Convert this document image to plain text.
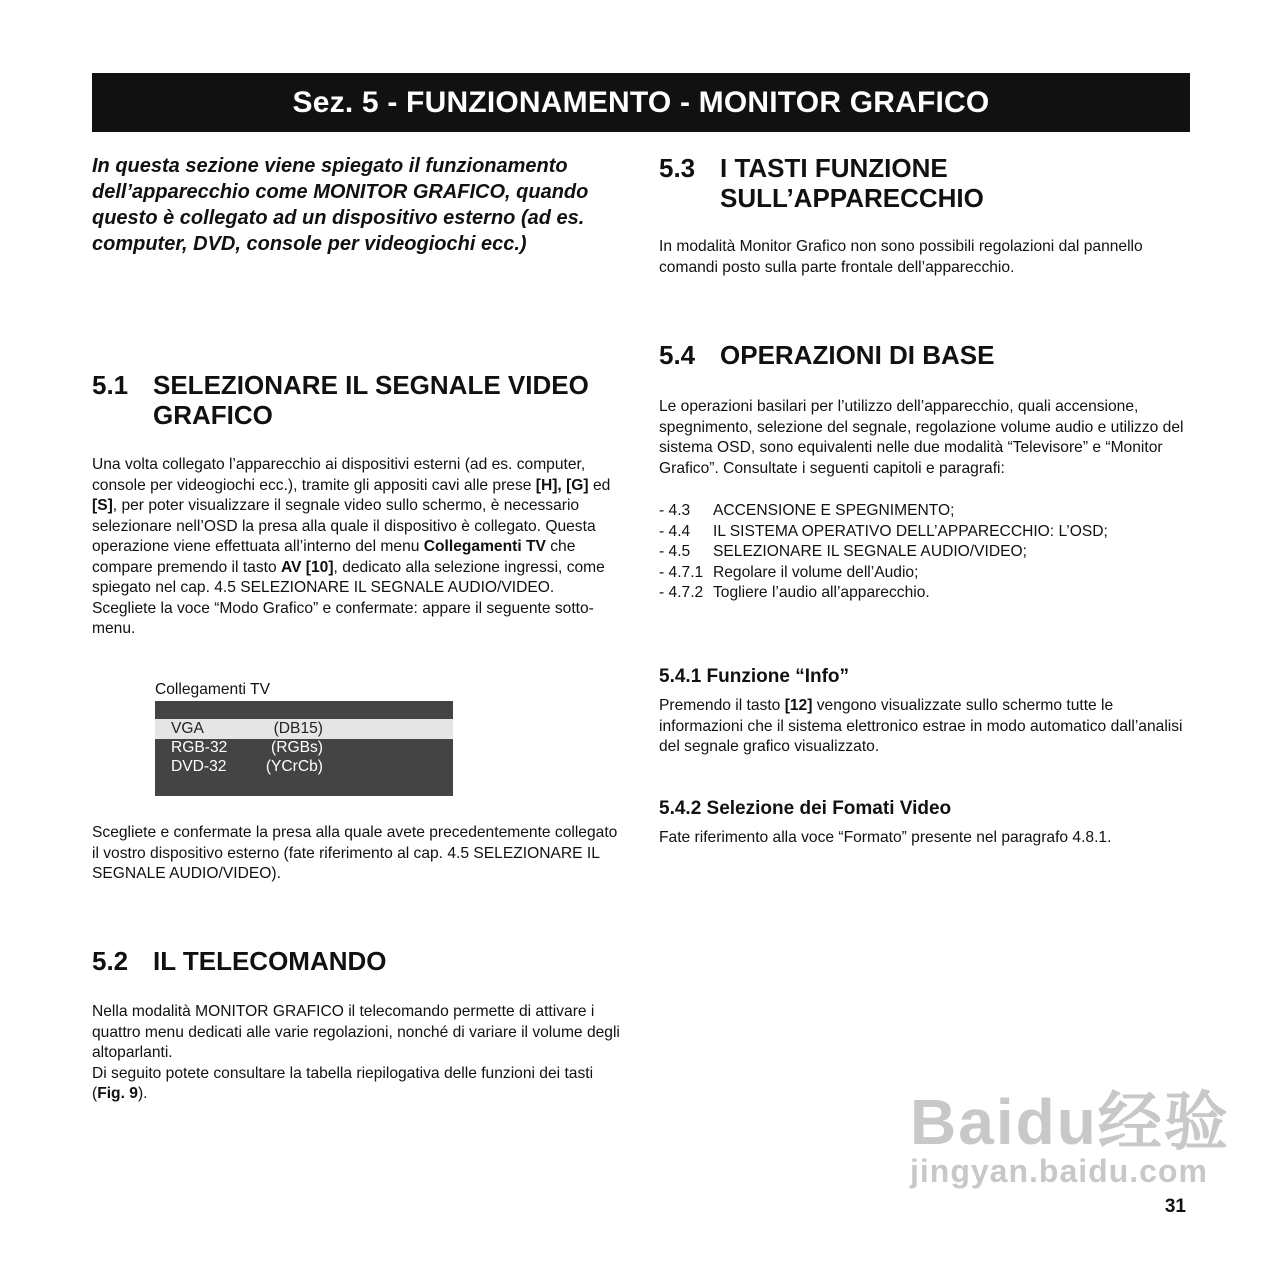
Sez. 5 - FUNZIONAMENTO - MONITOR GRAFICO

In questa sezione viene spiegato il funzionamento dell’apparecchio come MONITOR GRAFICO, quando questo è collegato ad un dispositivo esterno (ad es. computer, DVD, console per videogiochi ecc.)

5.1 SELEZIONARE IL SEGNALE VIDEO GRAFICO

Una volta collegato l’apparecchio ai dispositivi esterni (ad es. computer, console per videogiochi ecc.), tramite gli appositi cavi alle prese [H], [G] ed [S], per poter visualizzare il segnale video sullo schermo, è necessario selezionare nell’OSD la presa alla quale il dispositivo è collegato. Questa operazione viene effettuata all’interno del menu Collegamenti TV che compare premendo il tasto AV [10], dedicato alla selezione ingressi, come spiegato nel cap. 4.5 SELEZIONARE IL SEGNALE AUDIO/VIDEO.

Scegliete la voce “Modo Grafico” e confermate: appare il seguente sotto-menu.

Collegamenti TV
VGA	(DB15)
RGB-32	(RGBs)
DVD-32	(YCrCb)

Scegliete e confermate la presa alla quale avete precedentemente collegato il vostro dispositivo esterno (fate riferimento al cap. 4.5 SELEZIONARE IL SEGNALE AUDIO/VIDEO).

5.2 IL TELECOMANDO

Nella modalità MONITOR GRAFICO il telecomando permette di attivare i quattro menu dedicati alle varie regolazioni, nonché di variare il volume degli altoparlanti.

Di seguito potete consultare la tabella riepilogativa delle funzioni dei tasti (Fig. 9).

5.3 I TASTI FUNZIONE SULL’APPARECCHIO

In modalità Monitor Grafico non sono possibili regolazioni dal pannello comandi posto sulla parte frontale dell’apparecchio.

5.4 OPERAZIONI DI BASE

Le operazioni basilari per l’utilizzo dell’apparecchio, quali accensione, spegnimento, selezione del segnale, regolazione volume audio e utilizzo del sistema OSD, sono equivalenti nelle due modalità “Televisore” e “Monitor Grafico”. Consultate i seguenti capitoli e paragrafi:

- 4.3 ACCENSIONE E SPEGNIMENTO;
- 4.4 IL SISTEMA OPERATIVO DELL’APPARECCHIO: L’OSD;
- 4.5 SELEZIONARE IL SEGNALE AUDIO/VIDEO;
- 4.7.1 Regolare il volume dell’Audio;
- 4.7.2 Togliere l’audio all’apparecchio.

5.4.1 Funzione “Info”

Premendo il tasto [12] vengono visualizzate sullo schermo tutte le informazioni che il sistema elettronico estrae in modo automatico dall’analisi del segnale grafico visualizzato.

5.4.2 Selezione dei Fomati Video

Fate riferimento alla voce “Formato” presente nel paragrafo 4.8.1.

Baidu经验
jingyan.baidu.com
31
